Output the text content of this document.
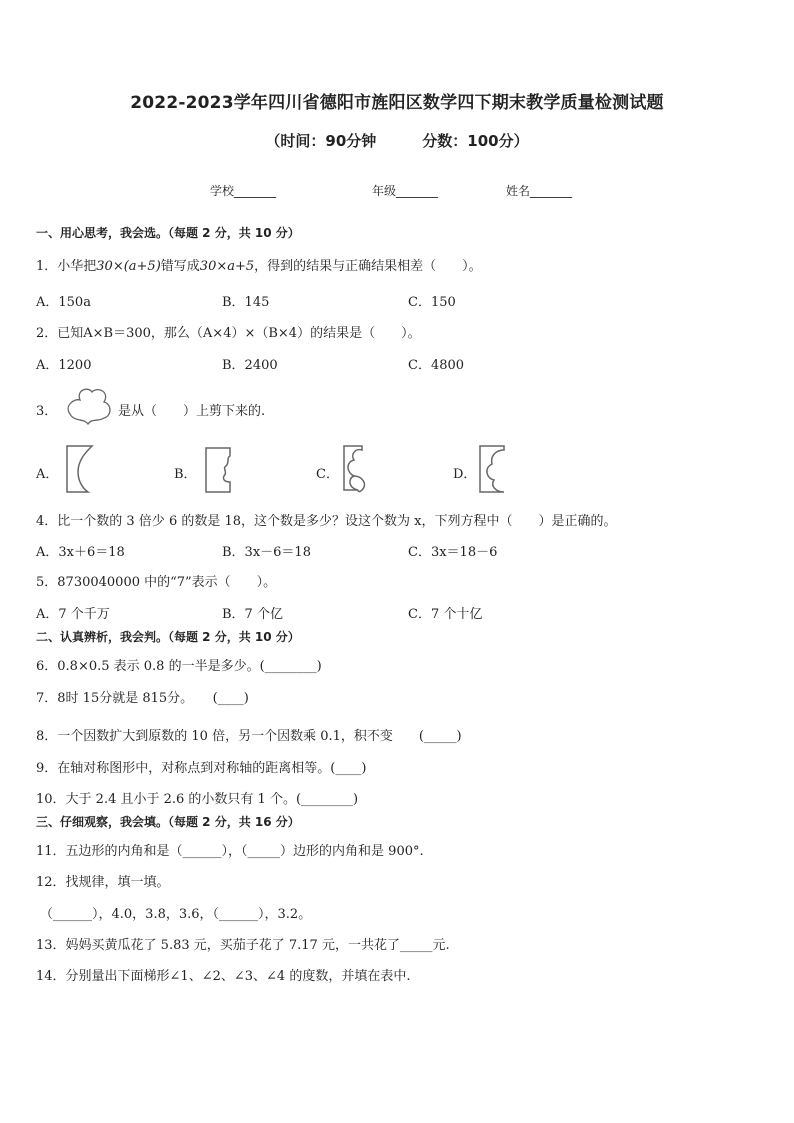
2022-2023学年四川省德阳市旌阳区数学四下期末教学质量检测试题
（时间：90分钟	分数：100分）
学校_______	年级_______	姓名_______
一、用心思考，我会选。（每题 2 分，共 10 分）
1．小华把30×(a+5)错写成30×a+5，得到的结果与正确结果相差（　　）。
A．150a	B．145	C．150
2．已知A×B＝300，那么（A×4）×（B×4）的结果是（　　）。
A．1200	B．2400	C．4800
3．	是从（　　）上剪下来的.
A．	B．	C．	D．
4．比一个数的 3 倍少 6 的数是 18，这个数是多少？设这个数为 x，下列方程中（　　）是正确的。
A．3x＋6＝18	B．3x－6＝18	C．3x＝18－6
5．8730040000 中的“7”表示（　　）。
A．7 个千万	B．7 个亿	C．7 个十亿
二、认真辨析，我会判。（每题 2 分，共 10 分）
6．0.8×0.5 表示 0.8 的一半是多少。(________)
7．8时 15分就是 815分。　　(____)
8．一个因数扩大到原数的 10 倍，另一个因数乘 0.1，积不变　　(_____)
9．在轴对称图形中，对称点到对称轴的距离相等。(____)
10．大于 2.4 且小于 2.6 的小数只有 1 个。(________)
三、仔细观察，我会填。（每题 2 分，共 16 分）
11．五边形的内角和是（______），（_____）边形的内角和是 900°.
12．找规律，填一填。
（______），4.0，3.8，3.6，（______），3.2。
13．妈妈买黄瓜花了 5.83 元，买茄子花了 7.17 元，一共花了_____元.
14．分别量出下面梯形∠1、∠2、∠3、∠4 的度数，并填在表中.
